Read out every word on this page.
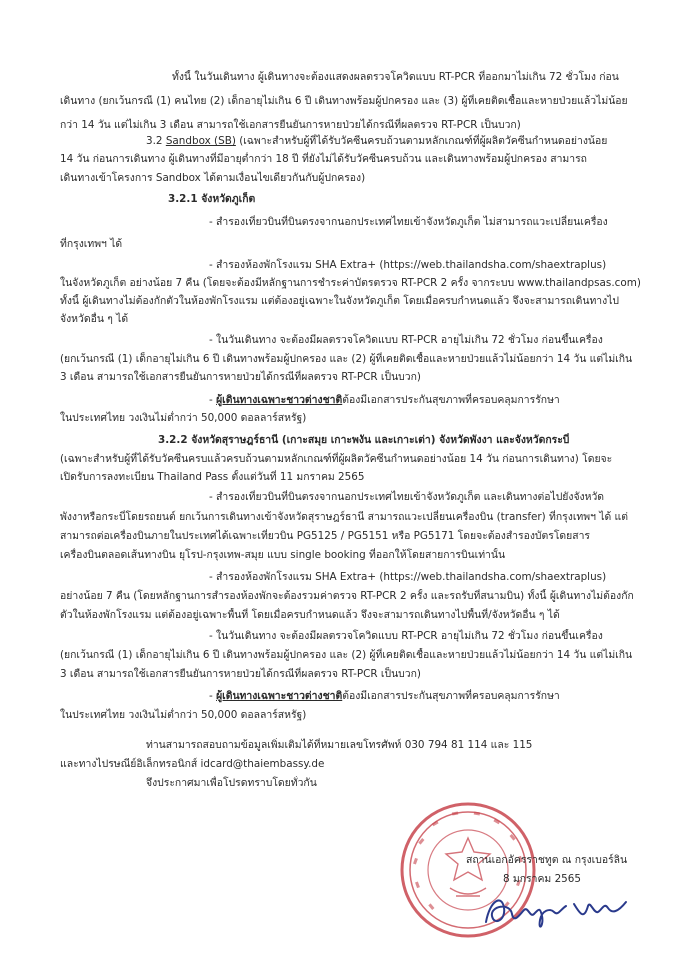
ทั้งนี้ ในวันเดินทาง ผู้เดินทางจะต้องแสดงผลตรวจโควิดแบบ RT-PCR ที่ออกมาไม่เกิน 72 ชั่วโมง ก่อน
เดินทาง (ยกเว้นกรณี (1) คนไทย (2) เด็กอายุไม่เกิน 6 ปี เดินทางพร้อมผู้ปกครอง และ (3) ผู้ที่เคยติดเชื้อและหายป่วยแล้วไม่น้อย
กว่า 14 วัน แต่ไม่เกิน 3 เดือน สามารถใช้เอกสารยืนยันการหายป่วยได้กรณีที่ผลตรวจ RT-PCR เป็นบวก)
3.2 Sandbox (SB) (เฉพาะสำหรับผู้ที่ได้รับวัคซีนครบถ้วนตามหลักเกณฑ์ที่ผู้ผลิตวัคซีนกำหนดอย่างน้อย
14 วัน ก่อนการเดินทาง ผู้เดินทางที่มีอายุต่ำกว่า 18 ปี ที่ยังไม่ได้รับวัคซีนครบถ้วน และเดินทางพร้อมผู้ปกครอง สามารถ
เดินทางเข้าโครงการ Sandbox ได้ตามเงื่อนไขเดียวกันกับผู้ปกครอง)
3.2.1 จังหวัดภูเก็ต
- สำรองเที่ยวบินที่บินตรงจากนอกประเทศไทยเข้าจังหวัดภูเก็ต ไม่สามารถแวะเปลี่ยนเครื่อง
ที่กรุงเทพฯ ได้
- สำรองห้องพักโรงแรม SHA Extra+ (https://web.thailandsha.com/shaextraplus)
ในจังหวัดภูเก็ต อย่างน้อย 7 คืน (โดยจะต้องมีหลักฐานการชำระค่าบัตรตรวจ RT-PCR 2 ครั้ง จากระบบ www.thailandpsas.com)
ทั้งนี้ ผู้เดินทางไม่ต้องกักตัวในห้องพักโรงแรม แต่ต้องอยู่เฉพาะในจังหวัดภูเก็ต โดยเมื่อครบกำหนดแล้ว จึงจะสามารถเดินทางไป
จังหวัดอื่น ๆ ได้
- ในวันเดินทาง จะต้องมีผลตรวจโควิดแบบ RT-PCR อายุไม่เกิน 72 ชั่วโมง ก่อนขึ้นเครื่อง
(ยกเว้นกรณี (1) เด็กอายุไม่เกิน 6 ปี เดินทางพร้อมผู้ปกครอง และ (2) ผู้ที่เคยติดเชื้อและหายป่วยแล้วไม่น้อยกว่า 14 วัน แต่ไม่เกิน
3 เดือน สามารถใช้เอกสารยืนยันการหายป่วยได้กรณีที่ผลตรวจ RT-PCR เป็นบวก)
- ผู้เดินทางเฉพาะชาวต่างชาติต้องมีเอกสารประกันสุขภาพที่ครอบคลุมการรักษา
ในประเทศไทย วงเงินไม่ต่ำกว่า 50,000 ดอลลาร์สหรัฐ)
3.2.2 จังหวัดสุราษฎร์ธานี (เกาะสมุย เกาะพงัน และเกาะเต่า) จังหวัดพังงา และจังหวัดกระบี่
(เฉพาะสำหรับผู้ที่ได้รับวัคซีนครบแล้วครบถ้วนตามหลักเกณฑ์ที่ผู้ผลิตวัคซีนกำหนดอย่างน้อย 14 วัน ก่อนการเดินทาง) โดยจะ
เปิดรับการลงทะเบียน Thailand Pass ตั้งแต่วันที่ 11 มกราคม 2565
- สำรองเที่ยวบินที่บินตรงจากนอกประเทศไทยเข้าจังหวัดภูเก็ต และเดินทางต่อไปยังจังหวัด
พังงาหรือกระบี่โดยรถยนต์ ยกเว้นการเดินทางเข้าจังหวัดสุราษฎร์ธานี สามารถแวะเปลี่ยนเครื่องบิน (transfer) ที่กรุงเทพฯ ได้ แต่
สามารถต่อเครื่องบินภายในประเทศได้เฉพาะเที่ยวบิน PG5125 / PG5151 หรือ PG5171 โดยจะต้องสำรองบัตรโดยสาร
เครื่องบินตลอดเส้นทางบิน ยุโรป-กรุงเทพ-สมุย แบบ single booking ที่ออกให้โดยสายการบินเท่านั้น
- สำรองห้องพักโรงแรม SHA Extra+ (https://web.thailandsha.com/shaextraplus)
อย่างน้อย 7 คืน (โดยหลักฐานการสำรองห้องพักจะต้องรวมค่าตรวจ RT-PCR 2 ครั้ง และรถรับที่สนามบิน) ทั้งนี้ ผู้เดินทางไม่ต้องกัก
ตัวในห้องพักโรงแรม แต่ต้องอยู่เฉพาะพื้นที่ โดยเมื่อครบกำหนดแล้ว จึงจะสามารถเดินทางไปพื้นที่/จังหวัดอื่น ๆ ได้
- ในวันเดินทาง จะต้องมีผลตรวจโควิดแบบ RT-PCR อายุไม่เกิน 72 ชั่วโมง ก่อนขึ้นเครื่อง
(ยกเว้นกรณี (1) เด็กอายุไม่เกิน 6 ปี เดินทางพร้อมผู้ปกครอง และ (2) ผู้ที่เคยติดเชื้อและหายป่วยแล้วไม่น้อยกว่า 14 วัน แต่ไม่เกิน
3 เดือน สามารถใช้เอกสารยืนยันการหายป่วยได้กรณีที่ผลตรวจ RT-PCR เป็นบวก)
- ผู้เดินทางเฉพาะชาวต่างชาติต้องมีเอกสารประกันสุขภาพที่ครอบคลุมการรักษา
ในประเทศไทย วงเงินไม่ต่ำกว่า 50,000 ดอลลาร์สหรัฐ)
ท่านสามารถสอบถามข้อมูลเพิ่มเติมได้ที่หมายเลขโทรศัพท์ 030 794 81 114 และ 115
และทางไปรษณีย์อิเล็กทรอนิกส์ idcard@thaiembassy.de
จึงประกาศมาเพื่อโปรดทราบโดยทั่วกัน
สถานเอกอัครราชทูต ณ กรุงเบอร์ลิน
8 มกราคม 2565
